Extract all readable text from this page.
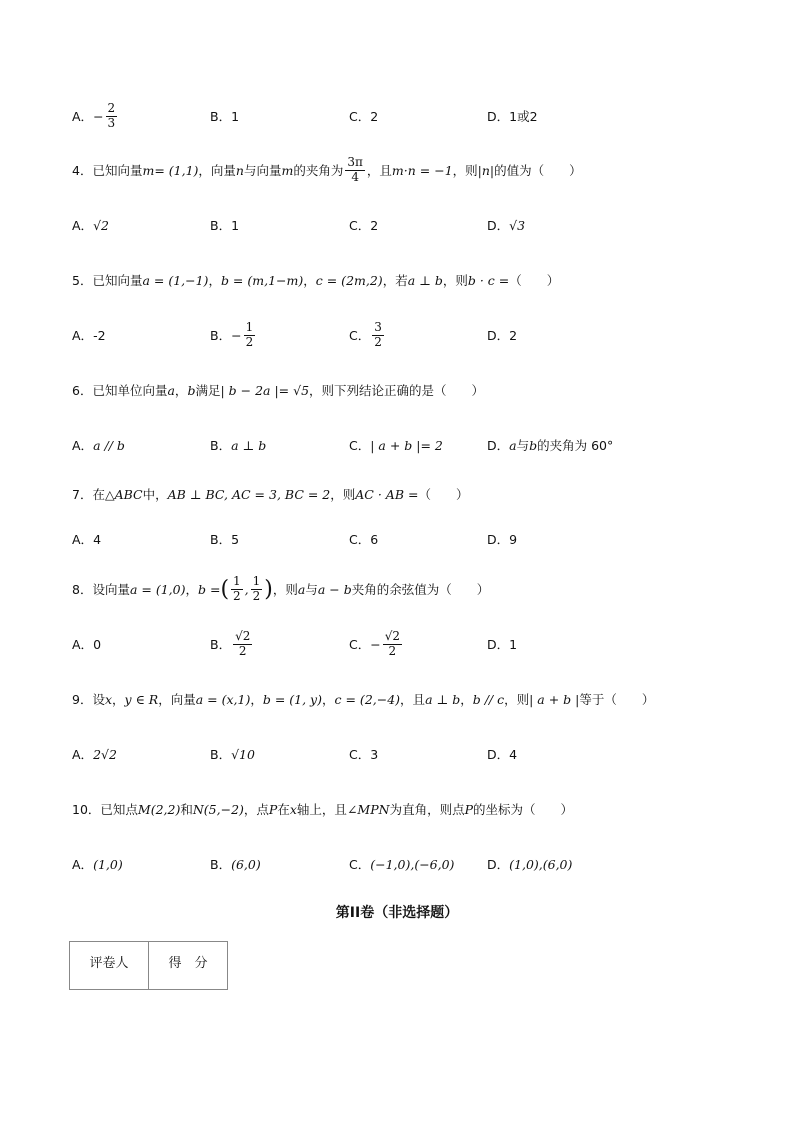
A． − $\frac{2}{3}$	B． 1	C． 2	D． 1或2
4．已知向量 m = (1,1) ，向量 n 与向量 m 的夹角为 $\frac{3\pi}{4}$ ，且 m·n = −1 ，则 |n| 的值为（　　）
A． √2	B． 1	C． 2	D． √3
5．已知向量 a = (1,−1) ， b = (m,1−m) ， c = (2m,2) ，若 a ⊥ b ，则 b · c = （　　）
A． -2	B． − $\frac{1}{2}$	C． $\frac{3}{2}$	D． 2
6．已知单位向量 a ， b 满足 | b − 2a |= √5 ，则下列结论正确的是（　　）
A． a // b	B． a ⊥ b	C． | a + b |= 2	D． a 与 b 的夹角为 60°
7．在 △ABC 中， AB ⊥ BC, AC = 3, BC = 2 ，则 AC · AB = （　　）
A． 4	B． 5	C． 6	D． 9
8．设向量 a = (1,0) ， b = ( $\frac{1}{2}$ , $\frac{1}{2}$ ) ，则 a 与 a − b 夹角的余弦值为（　　）
A． 0	B． $\frac{√2}{2}$	C． − $\frac{√2}{2}$	D． 1
9．设 x ， y ∈ R ，向量 a = (x,1) ， b = (1, y) ， c = (2,−4) ，且 a ⊥ b ， b // c ，则 | a + b | 等于（　　）
A． 2√2	B． √10	C． 3	D． 4
10．已知点 M(2,2) 和 N(5,−2) ，点 P 在 x 轴上，且 ∠MPN 为直角，则点 P 的坐标为（　　）
A． (1,0)	B． (6,0)	C． (−1,0),(−6,0)	D． (1,0),(6,0)
第II卷（非选择题）
评卷人	得　分
